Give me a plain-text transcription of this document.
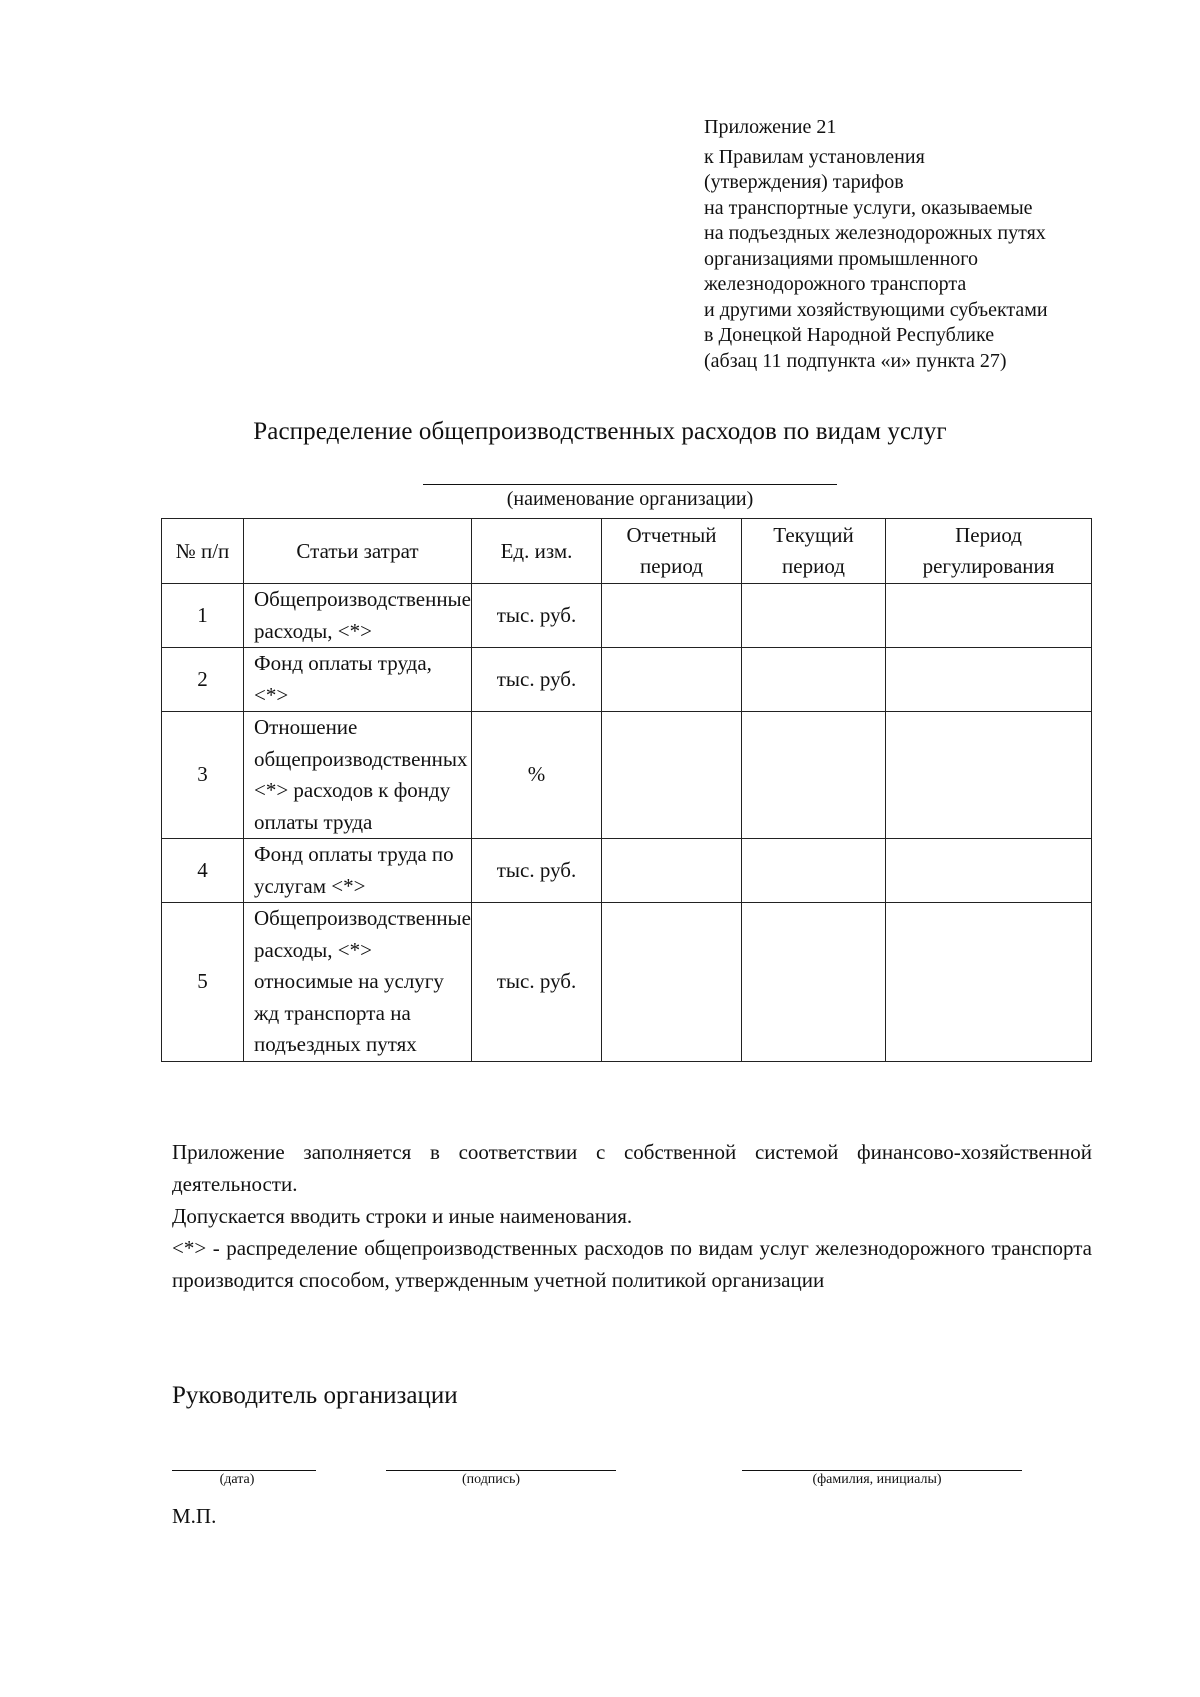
Приложение 21
к Правилам установления
(утверждения) тарифов
на транспортные услуги, оказываемые
на подъездных железнодорожных путях
организациями промышленного
железнодорожного транспорта
и другими хозяйствующими субъектами
в Донецкой Народной Республике
(абзац 11 подпункта «и» пункта 27)
Распределение общепроизводственных расходов по видам услуг
(наименование организации)
№ п/п	Статьи затрат	Ед. изм.	Отчетный период	Текущий период	Период регулирования
1	Общепроизводственные расходы, <*>	тыс. руб.			
2	Фонд оплаты труда, <*>	тыс. руб.			
3	Отношение общепроизводственных <*> расходов к фонду оплаты труда	%			
4	Фонд оплаты труда по услугам <*>	тыс. руб.			
5	Общепроизводственные расходы, <*> относимые на услугу жд транспорта на подъездных путях	тыс. руб.			

Приложение заполняется в соответствии с собственной системой финансово-хозяйственной деятельности.

Допускается вводить строки и иные наименования.

<*> - распределение общепроизводственных расходов по видам услуг железнодорожного транспорта производится способом, утвержденным учетной политикой организации

Руководитель организации
(дата)	(подпись)	(фамилия, инициалы)
М.П.
